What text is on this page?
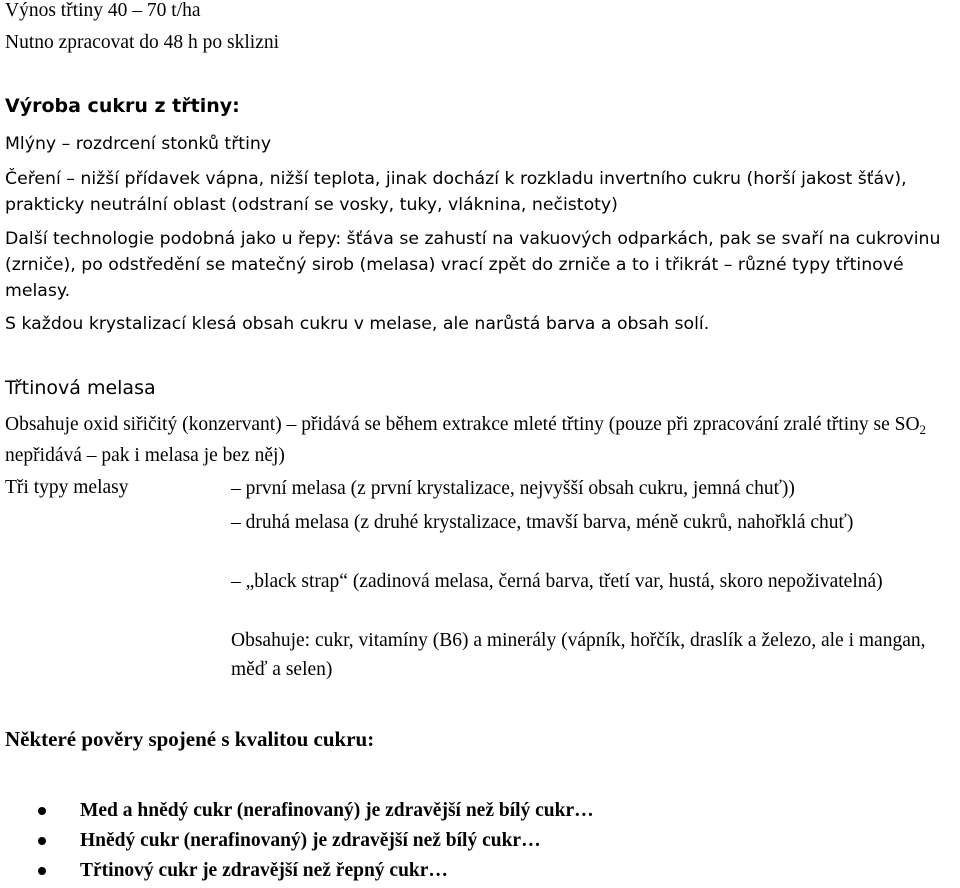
Výnos třtiny 40 – 70 t/ha
Nutno zpracovat do 48 h po sklizni
Výroba cukru z třtiny:
Mlýny – rozdrcení stonků třtiny
Čeření – nižší přídavek vápna, nižší teplota, jinak dochází k rozkladu invertního cukru (horší jakost šťáv), prakticky neutrální oblast (odstraní se vosky, tuky, vláknina, nečistoty)
Další technologie podobná jako u řepy: šťáva se zahustí na vakuových odparkách, pak se svaří na cukrovinu (zrniče), po odstředění se matečný sirob (melasa) vrací zpět do zrniče a to i třikrát – různé typy třtinové melasy.
S každou krystalizací klesá obsah cukru v melase, ale narůstá barva a obsah solí.
Třtinová melasa
Obsahuje oxid siřičitý (konzervant) – přidává se během extrakce mleté třtiny (pouze při zpracování zralé třtiny se $SO_2$ nepřidává – pak i melasa je bez něj)
Tři typy melasy	– první melasa (z první krystalizace, nejvyšší obsah cukru, jemná chuť))
– druhá melasa (z druhé krystalizace, tmavší barva, méně cukrů, nahořklá chuť)
– „black strap“ (zadinová melasa, černá barva, třetí var, hustá, skoro nepoživatelná)
Obsahuje: cukr, vitamíny (B6) a minerály (vápník, hořčík, draslík a železo, ale i mangan, měď a selen)
Některé pověry spojené s kvalitou cukru:
Med a hnědý cukr (nerafinovaný) je zdravější než bílý cukr…
Hnědý cukr (nerafinovaný) je zdravější než bílý cukr…
Třtinový cukr je zdravější než řepný cukr…
